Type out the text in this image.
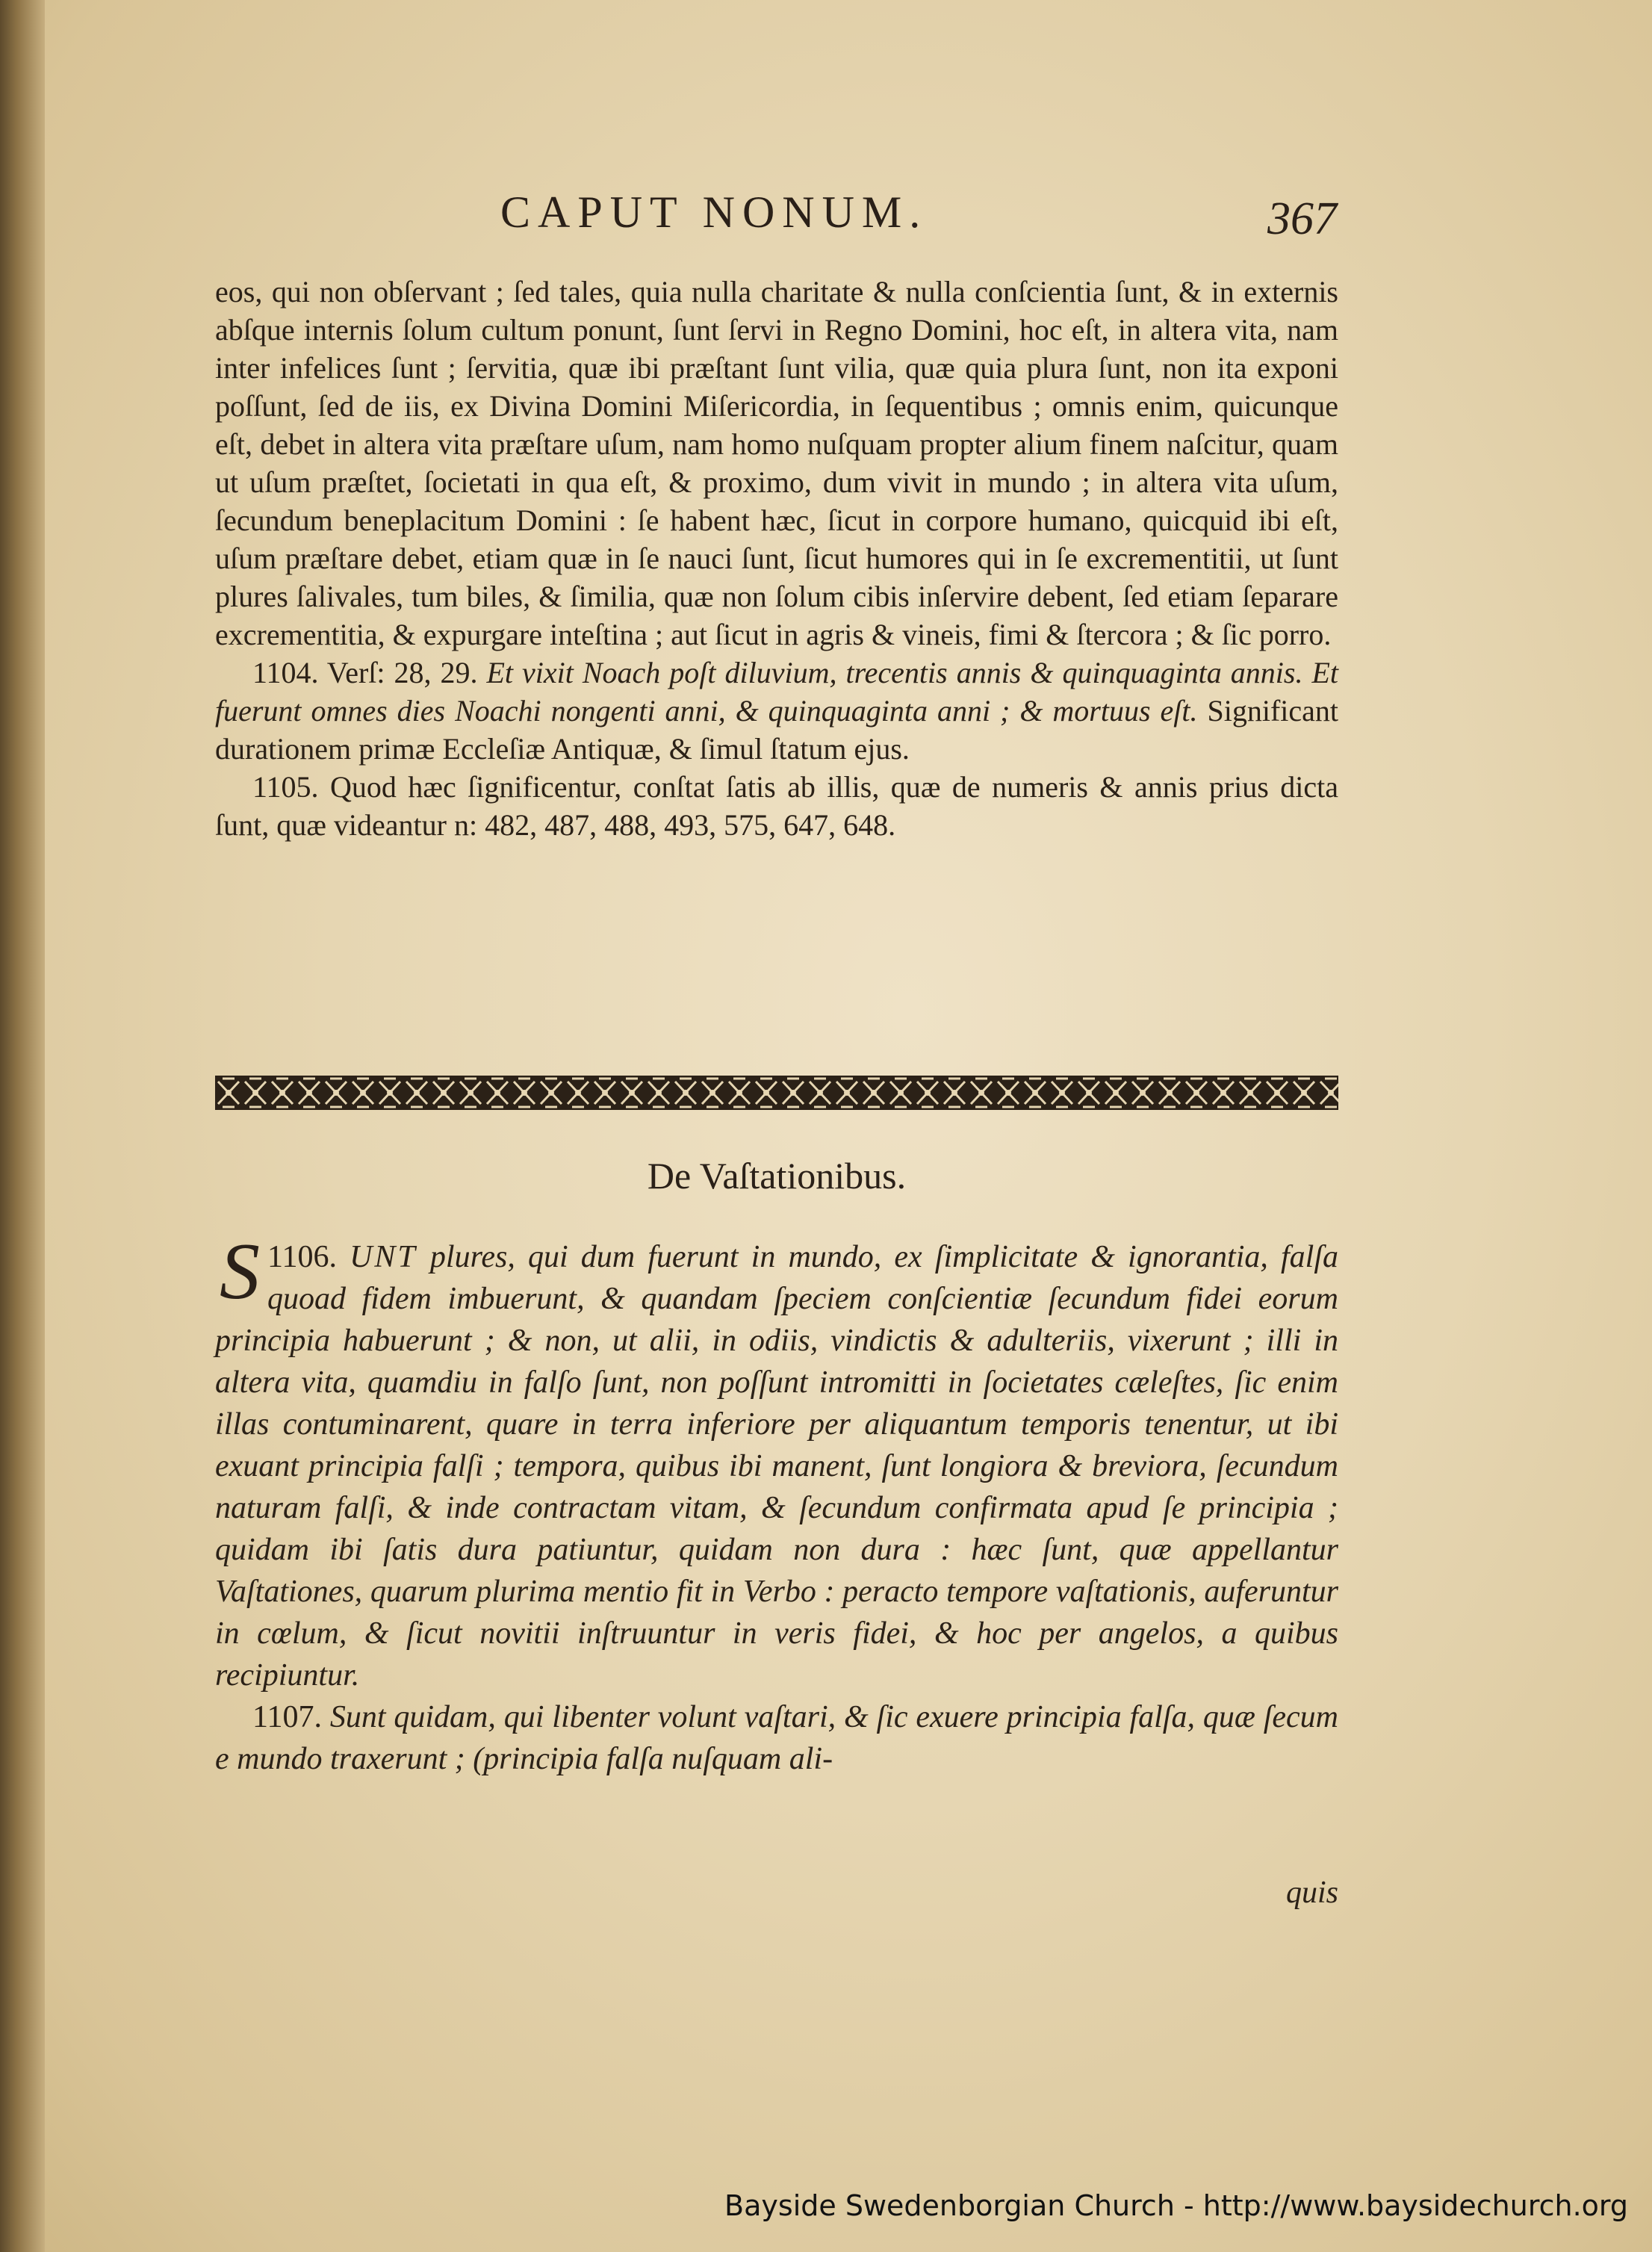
CAPUT NONUM.	367

eos, qui non obſervant ; ſed tales, quia nulla charitate & nulla conſcientia ſunt, & in externis abſque internis ſolum cultum ponunt, ſunt ſervi in Regno Domini, hoc eſt, in altera vita, nam inter infelices ſunt ; ſervitia, quæ ibi præſtant ſunt vilia, quæ quia plura ſunt, non ita exponi poſſunt, ſed de iis, ex Divina Domini Miſericordia, in ſequentibus ; omnis enim, quicunque eſt, debet in altera vita præſtare uſum, nam homo nuſquam propter alium finem naſcitur, quam ut uſum præſtet, ſocietati in qua eſt, & proximo, dum vivit in mundo ; in altera vita uſum, ſecundum beneplacitum Domini : ſe habent hæc, ſicut in corpore humano, quicquid ibi eſt, uſum præſtare debet, etiam quæ in ſe nauci ſunt, ſicut humores qui in ſe excrementitii, ut ſunt plures ſalivales, tum biles, & ſimilia, quæ non ſolum cibis inſervire debent, ſed etiam ſeparare excrementitia, & expurgare inteſtina ; aut ſicut in agris & vineis, fimi & ſtercora ; & ſic porro.

1104. Verſ: 28, 29. Et vixit Noach poſt diluvium, trecentis annis & quinquaginta annis. Et fuerunt omnes dies Noachi nongenti anni, & quinquaginta anni ; & mortuus eſt. Significant durationem primæ Eccleſiæ Antiquæ, & ſimul ſtatum ejus.

1105. Quod hæc ſignificentur, conſtat ſatis ab illis, quæ de numeris & annis prius dicta ſunt, quæ videantur n: 482, 487, 488, 493, 575, 647, 648.

De Vaſtationibus.

1106.
S	UNT plures, qui dum fuerunt in mundo, ex ſimplicitate & ignorantia, falſa quoad fidem imbuerunt, & quandam ſpeciem conſcientiæ ſecundum fidei eorum principia habuerunt ; & non, ut alii, in odiis, vindictis & adulteriis, vixerunt ; illi in altera vita, quamdiu in falſo ſunt, non poſſunt intromitti in ſocietates cæleſtes, ſic enim illas contuminarent, quare in terra inferiore per aliquantum temporis tenentur, ut ibi exuant principia falſi ; tempora, quibus ibi manent, ſunt longiora & breviora, ſecundum naturam falſi, & inde contractam vitam, & ſecundum confirmata apud ſe principia ; quidam ibi ſatis dura patiuntur, quidam non dura : hæc ſunt, quæ appellantur Vaſtationes, quarum plurima mentio fit in Verbo : peracto tempore vaſtationis, auferuntur in cœlum, & ſicut novitii inſtruuntur in veris fidei, & hoc per angelos, a quibus recipiuntur.

1107. Sunt quidam, qui libenter volunt vaſtari, & ſic exuere principia falſa, quæ ſecum e mundo traxerunt ; (principia falſa nuſquam ali-

quis
Bayside Swedenborgian Church - http://www.baysidechurch.org
